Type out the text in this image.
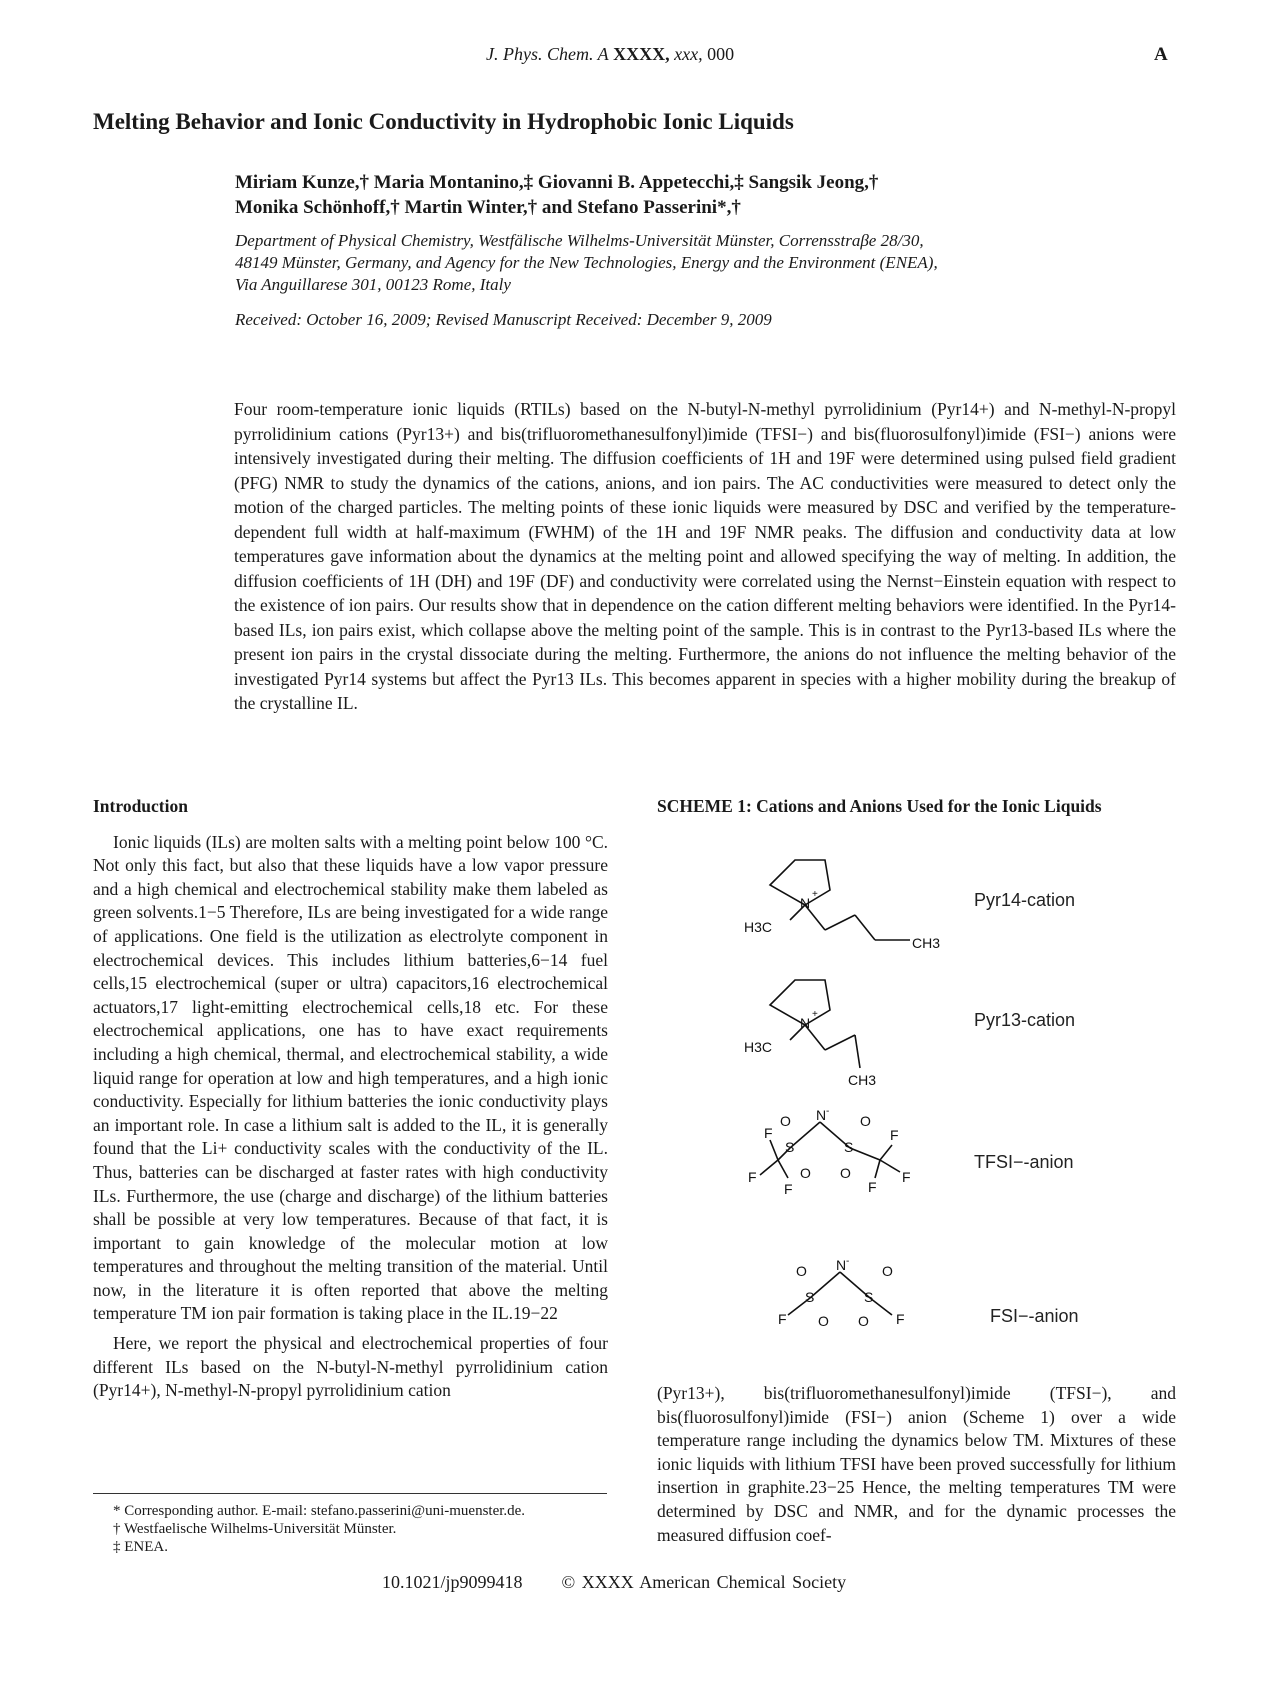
J. Phys. Chem. A XXXX, xxx, 000	A
Melting Behavior and Ionic Conductivity in Hydrophobic Ionic Liquids
Miriam Kunze,† Maria Montanino,‡ Giovanni B. Appetecchi,‡ Sangsik Jeong,†
Monika Schönhoff,† Martin Winter,† and Stefano Passerini*,†
Department of Physical Chemistry, Westfälische Wilhelms-Universität Münster, Corrensstraβe 28/30,
48149 Münster, Germany, and Agency for the New Technologies, Energy and the Environment (ENEA),
Via Anguillarese 301, 00123 Rome, Italy
Received: October 16, 2009; Revised Manuscript Received: December 9, 2009
Four room-temperature ionic liquids (RTILs) based on the N-butyl-N-methyl pyrrolidinium (Pyr14+) and N-methyl-N-propyl pyrrolidinium cations (Pyr13+) and bis(trifluoromethanesulfonyl)imide (TFSI−) and bis(fluorosulfonyl)imide (FSI−) anions were intensively investigated during their melting. The diffusion coefficients of 1H and 19F were determined using pulsed field gradient (PFG) NMR to study the dynamics of the cations, anions, and ion pairs. The AC conductivities were measured to detect only the motion of the charged particles. The melting points of these ionic liquids were measured by DSC and verified by the temperature-dependent full width at half-maximum (FWHM) of the 1H and 19F NMR peaks. The diffusion and conductivity data at low temperatures gave information about the dynamics at the melting point and allowed specifying the way of melting. In addition, the diffusion coefficients of 1H (DH) and 19F (DF) and conductivity were correlated using the Nernst−Einstein equation with respect to the existence of ion pairs. Our results show that in dependence on the cation different melting behaviors were identified. In the Pyr14-based ILs, ion pairs exist, which collapse above the melting point of the sample. This is in contrast to the Pyr13-based ILs where the present ion pairs in the crystal dissociate during the melting. Furthermore, the anions do not influence the melting behavior of the investigated Pyr14 systems but affect the Pyr13 ILs. This becomes apparent in species with a higher mobility during the breakup of the crystalline IL.
Introduction

Ionic liquids (ILs) are molten salts with a melting point below 100 °C. Not only this fact, but also that these liquids have a low vapor pressure and a high chemical and electrochemical stability make them labeled as green solvents.1−5 Therefore, ILs are being investigated for a wide range of applications. One field is the utilization as electrolyte component in electrochemical devices. This includes lithium batteries,6−14 fuel cells,15 electrochemical (super or ultra) capacitors,16 electrochemical actuators,17 light-emitting electrochemical cells,18 etc. For these electrochemical applications, one has to have exact requirements including a high chemical, thermal, and electrochemical stability, a wide liquid range for operation at low and high temperatures, and a high ionic conductivity. Especially for lithium batteries the ionic conductivity plays an important role. In case a lithium salt is added to the IL, it is generally found that the Li+ conductivity scales with the conductivity of the IL. Thus, batteries can be discharged at faster rates with high conductivity ILs. Furthermore, the use (charge and discharge) of the lithium batteries shall be possible at very low temperatures. Because of that fact, it is important to gain knowledge of the molecular motion at low temperatures and throughout the melting transition of the material. Until now, in the literature it is often reported that above the melting temperature TM ion pair formation is taking place in the IL.19−22

Here, we report the physical and electrochemical properties of four different ILs based on the N-butyl-N-methyl pyrrolidinium cation (Pyr14+), N-methyl-N-propyl pyrrolidinium cation

SCHEME 1: Cations and Anions Used for the Ionic Liquids
N
+
H3C
CH3
N
+
H3C
CH3
S	S
N -
O
O
O
O
F
F
F
F
F
F
S	S
N -
O
O
O
O
F	F
Pyr14-cation
Pyr13-cation
TFSI−-anion
FSI−-anion

(Pyr13+), bis(trifluoromethanesulfonyl)imide (TFSI−), and bis(fluorosulfonyl)imide (FSI−) anion (Scheme 1) over a wide temperature range including the dynamics below TM. Mixtures of these ionic liquids with lithium TFSI have been proved successfully for lithium insertion in graphite.23−25 Hence, the melting temperatures TM were determined by DSC and NMR, and for the dynamic processes the measured diffusion coef-

* Corresponding author. E-mail: stefano.passerini@uni-muenster.de.
† Westfaelische Wilhelms-Universität Münster.
‡ ENEA.
10.1021/jp9099418 © XXXX American Chemical Society
